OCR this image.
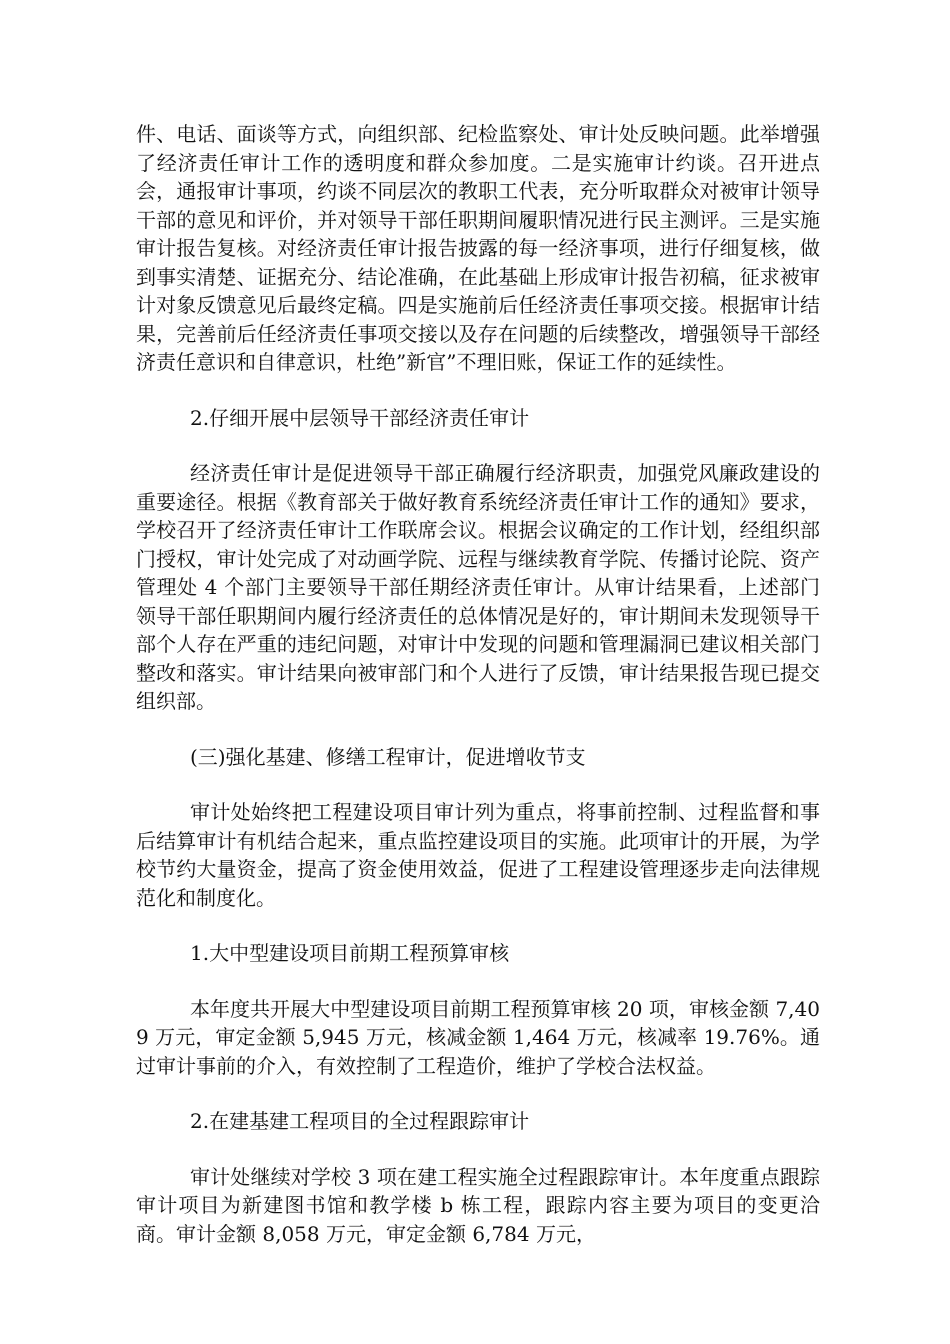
件、电话、面谈等方式，向组织部、纪检监察处、审计处反映问题。此举增强了经济责任审计工作的透明度和群众参加度。二是实施审计约谈。召开进点会，通报审计事项，约谈不同层次的教职工代表，充分听取群众对被审计领导干部的意见和评价，并对领导干部任职期间履职情况进行民主测评。三是实施审计报告复核。对经济责任审计报告披露的每一经济事项，进行仔细复核，做到事实清楚、证据充分、结论准确，在此基础上形成审计报告初稿，征求被审计对象反馈意见后最终定稿。四是实施前后任经济责任事项交接。根据审计结果，完善前后任经济责任事项交接以及存在问题的后续整改，增强领导干部经济责任意识和自律意识，杜绝”新官”不理旧账，保证工作的延续性。

2.仔细开展中层领导干部经济责任审计

经济责任审计是促进领导干部正确履行经济职责，加强党风廉政建设的重要途径。根据《教育部关于做好教育系统经济责任审计工作的通知》要求，学校召开了经济责任审计工作联席会议。根据会议确定的工作计划，经组织部门授权，审计处完成了对动画学院、远程与继续教育学院、传播讨论院、资产管理处 4 个部门主要领导干部任期经济责任审计。从审计结果看，上述部门领导干部任职期间内履行经济责任的总体情况是好的，审计期间未发现领导干部个人存在严重的违纪问题，对审计中发现的问题和管理漏洞已建议相关部门整改和落实。审计结果向被审部门和个人进行了反馈，审计结果报告现已提交组织部。

(三)强化基建、修缮工程审计，促进增收节支

审计处始终把工程建设项目审计列为重点，将事前控制、过程监督和事后结算审计有机结合起来，重点监控建设项目的实施。此项审计的开展，为学校节约大量资金，提高了资金使用效益，促进了工程建设管理逐步走向法律规范化和制度化。

1.大中型建设项目前期工程预算审核

本年度共开展大中型建设项目前期工程预算审核 20 项，审核金额 7,409 万元，审定金额 5,945 万元，核减金额 1,464 万元，核减率 19.76%。通过审计事前的介入，有效控制了工程造价，维护了学校合法权益。

2.在建基建工程项目的全过程跟踪审计

审计处继续对学校 3 项在建工程实施全过程跟踪审计。本年度重点跟踪审计项目为新建图书馆和教学楼 b 栋工程，跟踪内容主要为项目的变更洽商。审计金额 8,058 万元，审定金额 6,784 万元，
